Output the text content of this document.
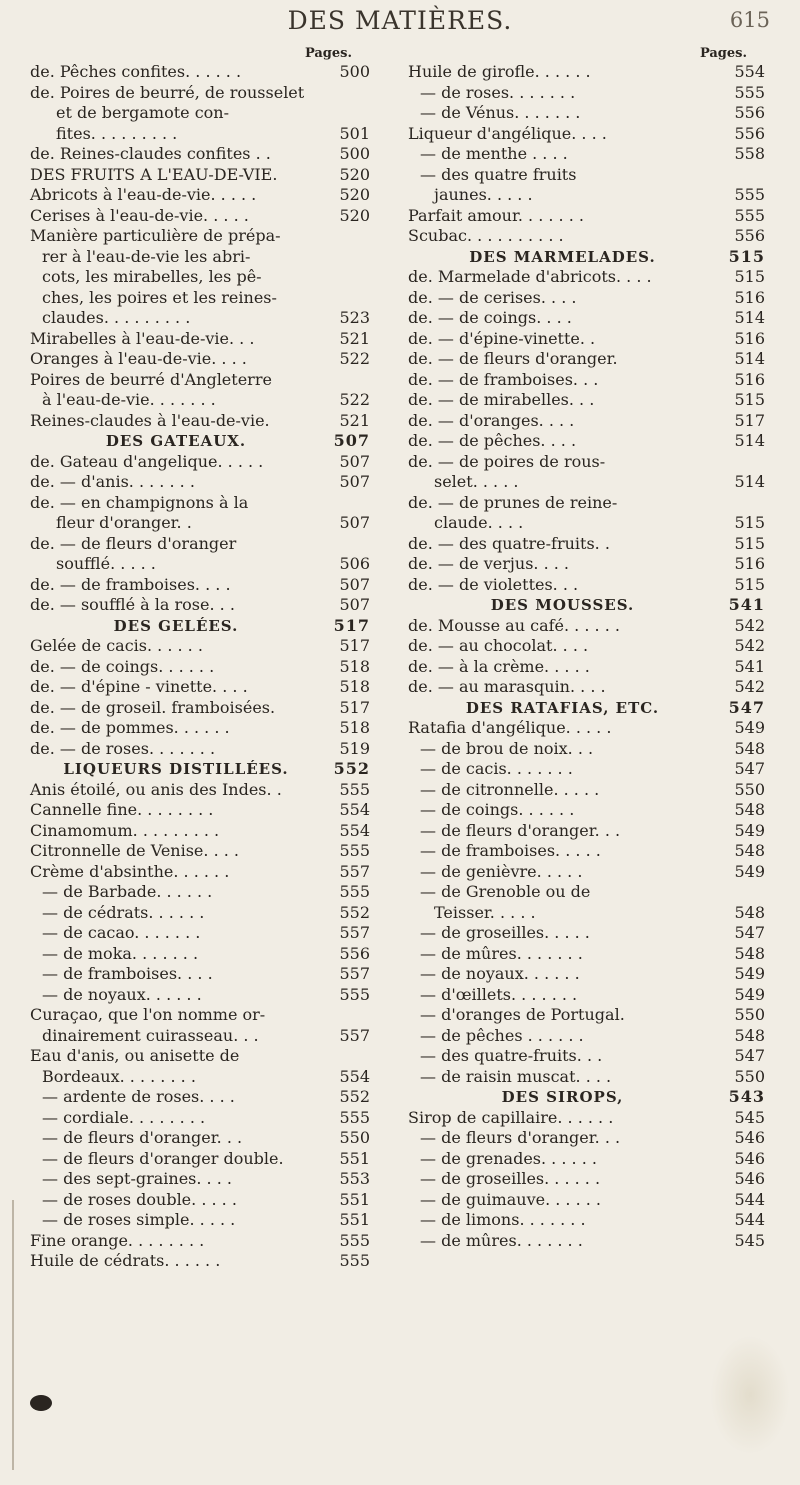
DES MATIÈRES.	615
Pages.
de. Pêches confites. . . . . .	500
de. Poires de beurré, de rousselet
et de bergamote con-
fites. . . . . . . . .	501
de. Reines-claudes confites . .	500
DES FRUITS A L'EAU-DE-VIE.	520
Abricots à l'eau-de-vie. . . . .	520
Cerises à l'eau-de-vie. . . . .	520
Manière particulière de prépa-
rer à l'eau-de-vie les abri-
cots, les mirabelles, les pê-
ches, les poires et les reines-
claudes. . . . . . . . .	523
Mirabelles à l'eau-de-vie. . .	521
Oranges à l'eau-de-vie. . . .	522
Poires de beurré d'Angleterre
à l'eau-de-vie. . . . . . .	522
Reines-claudes à l'eau-de-vie.	521
DES GATEAUX.	507
de. Gateau d'angelique. . . . .	507
de. — d'anis. . . . . . .	507
de. — en champignons à la
fleur d'oranger. .	507
de. — de fleurs d'oranger
soufflé. . . . .	506
de. — de framboises. . . .	507
de. — soufflé à la rose. . .	507
DES GELÉES.	517
Gelée de cacis. . . . . .	517
de. — de coings. . . . . .	518
de. — d'épine - vinette. . . .	518
de. — de groseil. framboisées.	517
de. — de pommes. . . . . .	518
de. — de roses. . . . . . .	519
LIQUEURS DISTILLÉES.	552
Anis étoilé, ou anis des Indes. .	555
Cannelle fine. . . . . . . .	554
Cinamomum. . . . . . . . .	554
Citronnelle de Venise. . . .	555
Crème d'absinthe. . . . . .	557
— de Barbade. . . . . .	555
— de cédrats. . . . . .	552
— de cacao. . . . . . .	557
— de moka. . . . . . .	556
— de framboises. . . .	557
— de noyaux. . . . . .	555
Curaçao, que l'on nomme or-
dinairement cuirasseau. . .	557
Eau d'anis, ou anisette de
Bordeaux. . . . . . . .	554
— ardente de roses. . . .	552
— cordiale. . . . . . . .	555
— de fleurs d'oranger. . .	550
— de fleurs d'oranger double.	551
— des sept-graines. . . .	553
— de roses double. . . . .	551
— de roses simple. . . . .	551
Fine orange. . . . . . . .	555
Huile de cédrats. . . . . .	555
Pages.
Huile de girofle. . . . . .	554
— de roses. . . . . . .	555
— de Vénus. . . . . . .	556
Liqueur d'angélique. . . .	556
— de menthe . . . .	558
— des quatre fruits
jaunes. . . . .	555
Parfait amour. . . . . . .	555
Scubac. . . . . . . . . .	556
DES MARMELADES.	515
de. Marmelade d'abricots. . . .	515
de. — de cerises. . . .	516
de. — de coings. . . .	514
de. — d'épine-vinette. .	516
de. — de fleurs d'oranger.	514
de. — de framboises. . .	516
de. — de mirabelles. . .	515
de. — d'oranges. . . .	517
de. — de pêches. . . .	514
de. — de poires de rous-
selet. . . . .	514
de. — de prunes de reine-
claude. . . .	515
de. — des quatre-fruits. .	515
de. — de verjus. . . .	516
de. — de violettes. . .	515
DES MOUSSES.	541
de. Mousse au café. . . . . .	542
de. — au chocolat. . . .	542
de. — à la crème. . . . .	541
de. — au marasquin. . . .	542
DES RATAFIAS, ETC.	547
Ratafia d'angélique. . . . .	549
— de brou de noix. . .	548
— de cacis. . . . . . .	547
— de citronnelle. . . . .	550
— de coings. . . . . .	548
— de fleurs d'oranger. . .	549
— de framboises. . . . .	548
— de genièvre. . . . .	549
— de Grenoble ou de
Teisser. . . . .	548
— de groseilles. . . . .	547
— de mûres. . . . . . .	548
— de noyaux. . . . . .	549
— d'œillets. . . . . . .	549
— d'oranges de Portugal.	550
— de pêches . . . . . .	548
— des quatre-fruits. . .	547
— de raisin muscat. . . .	550
DES SIROPS,	543
Sirop de capillaire. . . . . .	545
— de fleurs d'oranger. . .	546
— de grenades. . . . . .	546
— de groseilles. . . . . .	546
— de guimauve. . . . . .	544
— de limons. . . . . . .	544
— de mûres. . . . . . .	545
